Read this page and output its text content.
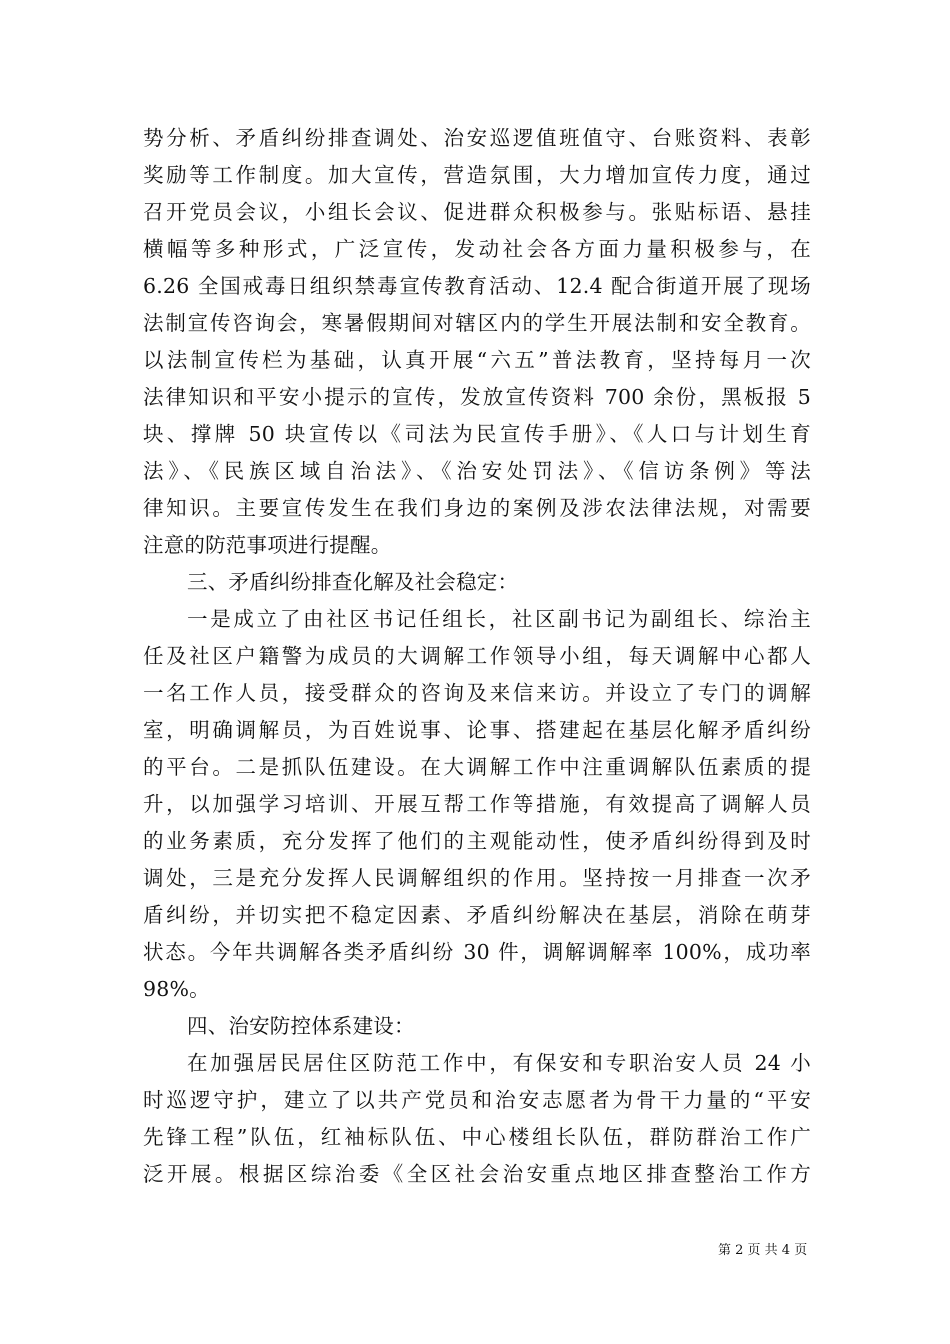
势分析、矛盾纠纷排查调处、治安巡逻值班值守、台账资料、表彰
奖励等工作制度。加大宣传，营造氛围，大力增加宣传力度，通过
召开党员会议，小组长会议、促进群众积极参与。张贴标语、悬挂
横幅等多种形式，广泛宣传，发动社会各方面力量积极参与，在
6.26 全国戒毒日组织禁毒宣传教育活动、12.4 配合街道开展了现场
法制宣传咨询会，寒暑假期间对辖区内的学生开展法制和安全教育。
以法制宣传栏为基础，认真开展“六五”普法教育，坚持每月一次
法律知识和平安小提示的宣传，发放宣传资料 700 余份，黑板报 5
块、撑牌 50 块宣传以《司法为民宣传手册》、《人口与计划生育
法》、《民族区域自治法》、《治安处罚法》、《信访条例》等法
律知识。主要宣传发生在我们身边的案例及涉农法律法规，对需要
注意的防范事项进行提醒。
三、矛盾纠纷排查化解及社会稳定：
一是成立了由社区书记任组长，社区副书记为副组长、综治主
任及社区户籍警为成员的大调解工作领导小组，每天调解中心都人
一名工作人员，接受群众的咨询及来信来访。并设立了专门的调解
室，明确调解员，为百姓说事、论事、搭建起在基层化解矛盾纠纷
的平台。二是抓队伍建设。在大调解工作中注重调解队伍素质的提
升，以加强学习培训、开展互帮工作等措施，有效提高了调解人员
的业务素质，充分发挥了他们的主观能动性，使矛盾纠纷得到及时
调处，三是充分发挥人民调解组织的作用。坚持按一月排查一次矛
盾纠纷，并切实把不稳定因素、矛盾纠纷解决在基层，消除在萌芽
状态。今年共调解各类矛盾纠纷 30 件，调解调解率 100%，成功率
98%。
四、治安防控体系建设：
在加强居民居住区防范工作中，有保安和专职治安人员 24 小
时巡逻守护，建立了以共产党员和治安志愿者为骨干力量的“平安
先锋工程”队伍，红袖标队伍、中心楼组长队伍，群防群治工作广
泛开展。根据区综治委《全区社会治安重点地区排查整治工作方
第 2 页 共 4 页
